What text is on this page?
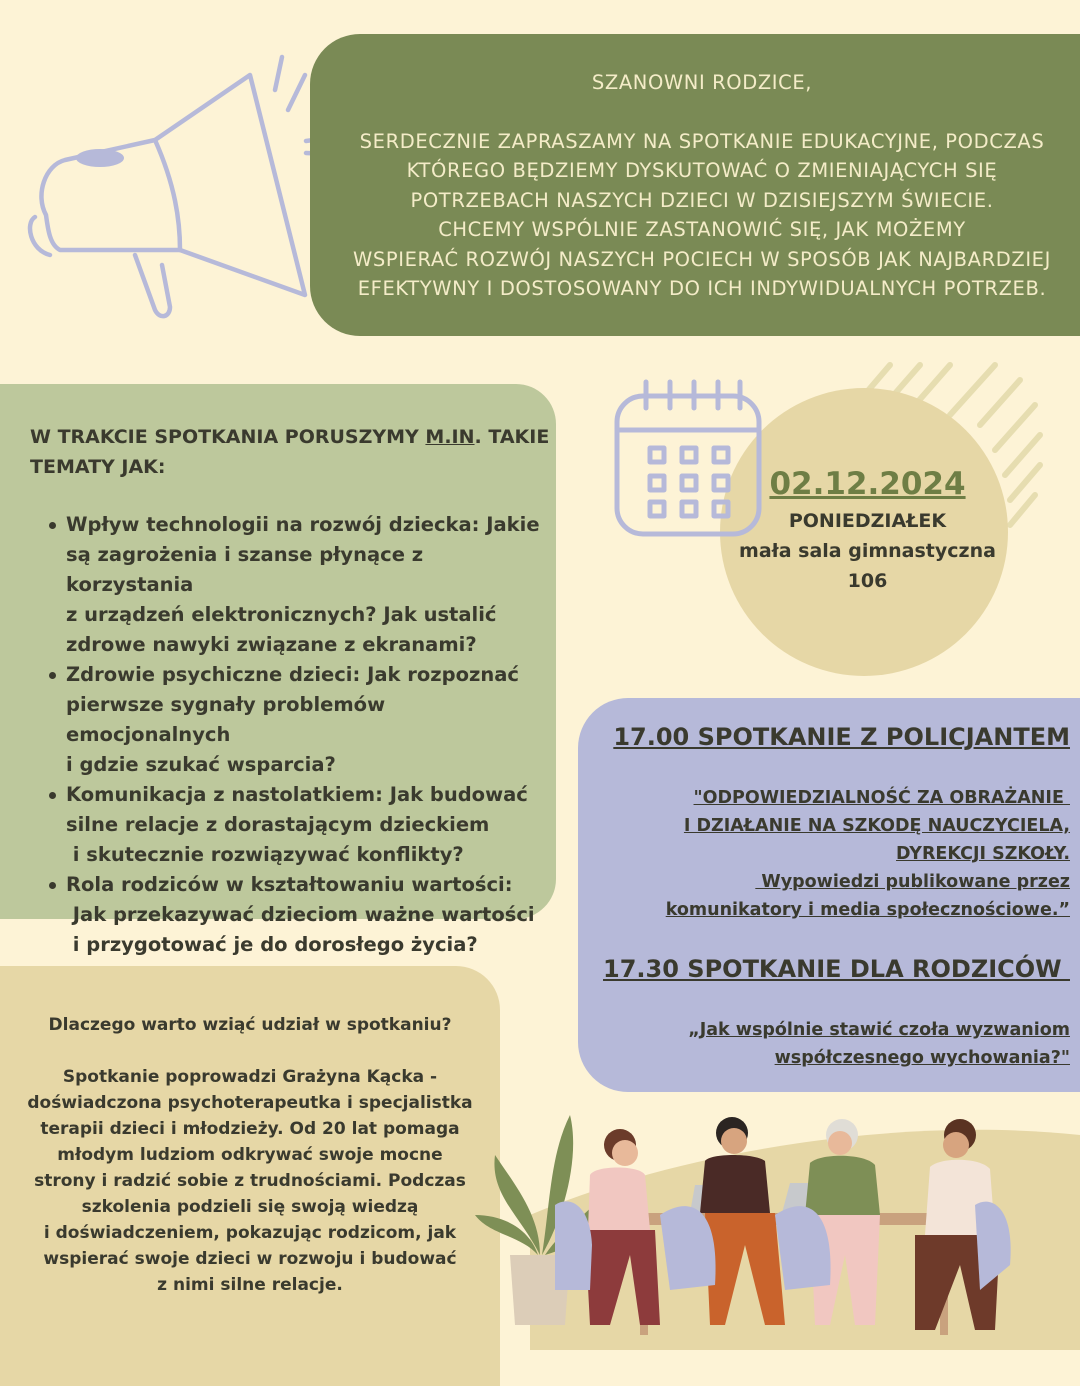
SZANOWNI RODZICE,
SERDECZNIE ZAPRASZAMY NA SPOTKANIE EDUKACYJNE, PODCZAS
KTÓREGO BĘDZIEMY DYSKUTOWAĆ O ZMIENIAJĄCYCH SIĘ
POTRZEBACH NASZYCH DZIECI W DZISIEJSZYM ŚWIECIE.
CHCEMY WSPÓLNIE ZASTANOWIĆ SIĘ, JAK MOŻEMY
WSPIERAĆ ROZWÓJ NASZYCH POCIECH W SPOSÓB JAK NAJBARDZIEJ
EFEKTYWNY I DOSTOSOWANY DO ICH INDYWIDUALNYCH POTRZEB.
W TRAKCIE SPOTKANIA PORUSZYMY M.IN. TAKIE TEMATY JAK:
Wpływ technologii na rozwój dziecka: Jakie
są zagrożenia i szanse płynące z korzystania
z urządzeń elektronicznych? Jak ustalić
zdrowe nawyki związane z ekranami?
Zdrowie psychiczne dzieci: Jak rozpoznać
pierwsze sygnały problemów emocjonalnych
i gdzie szukać wsparcia?
Komunikacja z nastolatkiem: Jak budować
silne relacje z dorastającym dzieckiem
i skutecznie rozwiązywać konflikty?
Rola rodziców w kształtowaniu wartości:
Jak przekazywać dzieciom ważne wartości
i przygotować je do dorosłego życia?
02.12.2024
PONIEDZIAŁEK
mała sala gimnastyczna
106
17.00 SPOTKANIE Z POLICJANTEM
"ODPOWIEDZIALNOŚĆ ZA OBRAŻANIE
I DZIAŁANIE NA SZKODĘ NAUCZYCIELA,
DYREKCJI SZKOŁY.
Wypowiedzi publikowane przez
komunikatory i media społecznościowe.”
17.30 SPOTKANIE DLA RODZICÓW
„Jak wspólnie stawić czoła wyzwaniom
współczesnego wychowania?"
Dlaczego warto wziąć udział w spotkaniu?
Spotkanie poprowadzi Grażyna Kącka -
doświadczona psychoterapeutka i specjalistka
terapii dzieci i młodzieży. Od 20 lat pomaga
młodym ludziom odkrywać swoje mocne
strony i radzić sobie z trudnościami. Podczas
szkolenia podzieli się swoją wiedzą
i doświadczeniem, pokazując rodzicom, jak
wspierać swoje dzieci w rozwoju i budować
z nimi silne relacje.
